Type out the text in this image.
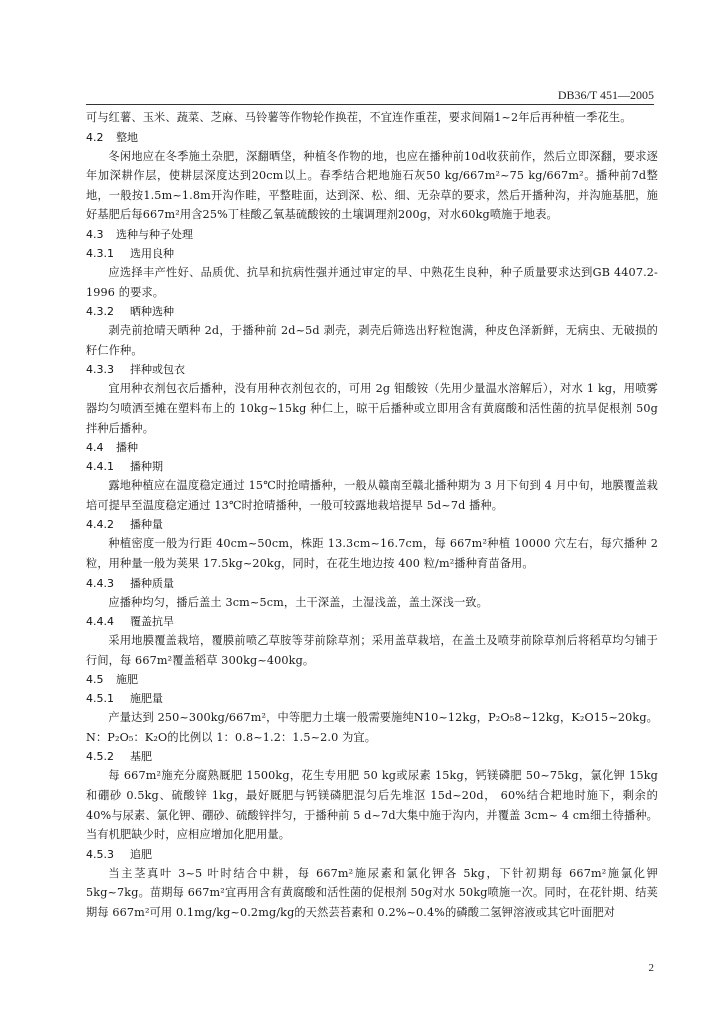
DB36/T 451—2005

可与红薯、玉米、蔬菜、芝麻、马铃薯等作物轮作换茬，不宜连作重茬，要求间隔1~2年后再种植一季花生。

4.2 整地

冬闲地应在冬季施土杂肥，深翻晒垡，种植冬作物的地，也应在播种前10d收获前作，然后立即深翻，要求逐年加深耕作层，使耕层深度达到20cm以上。春季结合耙地施石灰50 kg/667m²~75 kg/667m²。播种前7d整地，一般按1.5m~1.8m开沟作畦，平整畦面，达到深、松、细、无杂草的要求，然后开播种沟，并沟施基肥，施好基肥后每667m²用含25%丁桂酸乙氧基硫酸铵的土壤调理剂200g，对水60kg喷施于地表。

4.3 选种与种子处理
4.3.1 选用良种

应选择丰产性好、品质优、抗旱和抗病性强并通过审定的早、中熟花生良种，种子质量要求达到GB 4407.2-1996 的要求。

4.3.2 晒种选种

剥壳前抢晴天晒种 2d，于播种前 2d~5d 剥壳，剥壳后筛选出籽粒饱满，种皮色泽新鲜，无病虫、无破损的籽仁作种。

4.3.3 拌种或包衣

宜用种衣剂包衣后播种，没有用种衣剂包衣的，可用 2g 钼酸铵（先用少量温水溶解后），对水 1 kg，用喷雾器均匀喷洒至摊在塑料布上的 10kg~15kg 种仁上，晾干后播种或立即用含有黄腐酸和活性菌的抗旱促根剂 50g 拌种后播种。

4.4 播种
4.4.1 播种期

露地种植应在温度稳定通过 15℃时抢晴播种，一般从赣南至赣北播种期为 3 月下旬到 4 月中旬，地膜覆盖栽培可提早至温度稳定通过 13℃时抢晴播种，一般可较露地栽培提早 5d~7d 播种。

4.4.2 播种量

种植密度一般为行距 40cm~50cm，株距 13.3cm~16.7cm，每 667m²种植 10000 穴左右，每穴播种 2 粒，用种量一般为荚果 17.5kg~20kg，同时，在花生地边按 400 粒/m²播种育苗备用。

4.4.3 播种质量

应播种均匀，播后盖土 3cm~5cm，土干深盖，土湿浅盖，盖土深浅一致。

4.4.4 覆盖抗旱

采用地膜覆盖栽培，覆膜前喷乙草胺等芽前除草剂；采用盖草栽培，在盖土及喷芽前除草剂后将稻草均匀铺于行间，每 667m²覆盖稻草 300kg~400kg。

4.5 施肥
4.5.1 施肥量

产量达到 250~300kg/667m²，中等肥力土壤一般需要施纯N10~12kg，P₂O₅8~12kg，K₂O15~20kg。N：P₂O₅：K₂O的比例以 1：0.8~1.2：1.5~2.0 为宜。

4.5.2 基肥

每 667m²施充分腐熟厩肥 1500kg，花生专用肥 50 kg或尿素 15kg，钙镁磷肥 50~75kg，氯化钾 15kg和硼砂 0.5kg、硫酸锌 1kg，最好厩肥与钙镁磷肥混匀后先堆沤 15d~20d， 60%结合耙地时施下，剩余的 40%与尿素、氯化钾、硼砂、硫酸锌拌匀，于播种前 5 d~7d大集中施于沟内，并覆盖 3cm~ 4 cm细土待播种。当有机肥缺少时，应相应增加化肥用量。

4.5.3 追肥

当主茎真叶 3~5 叶时结合中耕，每 667m²施尿素和氯化钾各 5kg，下针初期每 667m²施氯化钾 5kg~7kg。苗期每 667m²宜再用含有黄腐酸和活性菌的促根剂 50g对水 50kg喷施一次。同时，在花针期、结荚期每 667m²可用 0.1mg/kg~0.2mg/kg的天然芸苔素和 0.2%~0.4%的磷酸二氢钾溶液或其它叶面肥对

2
